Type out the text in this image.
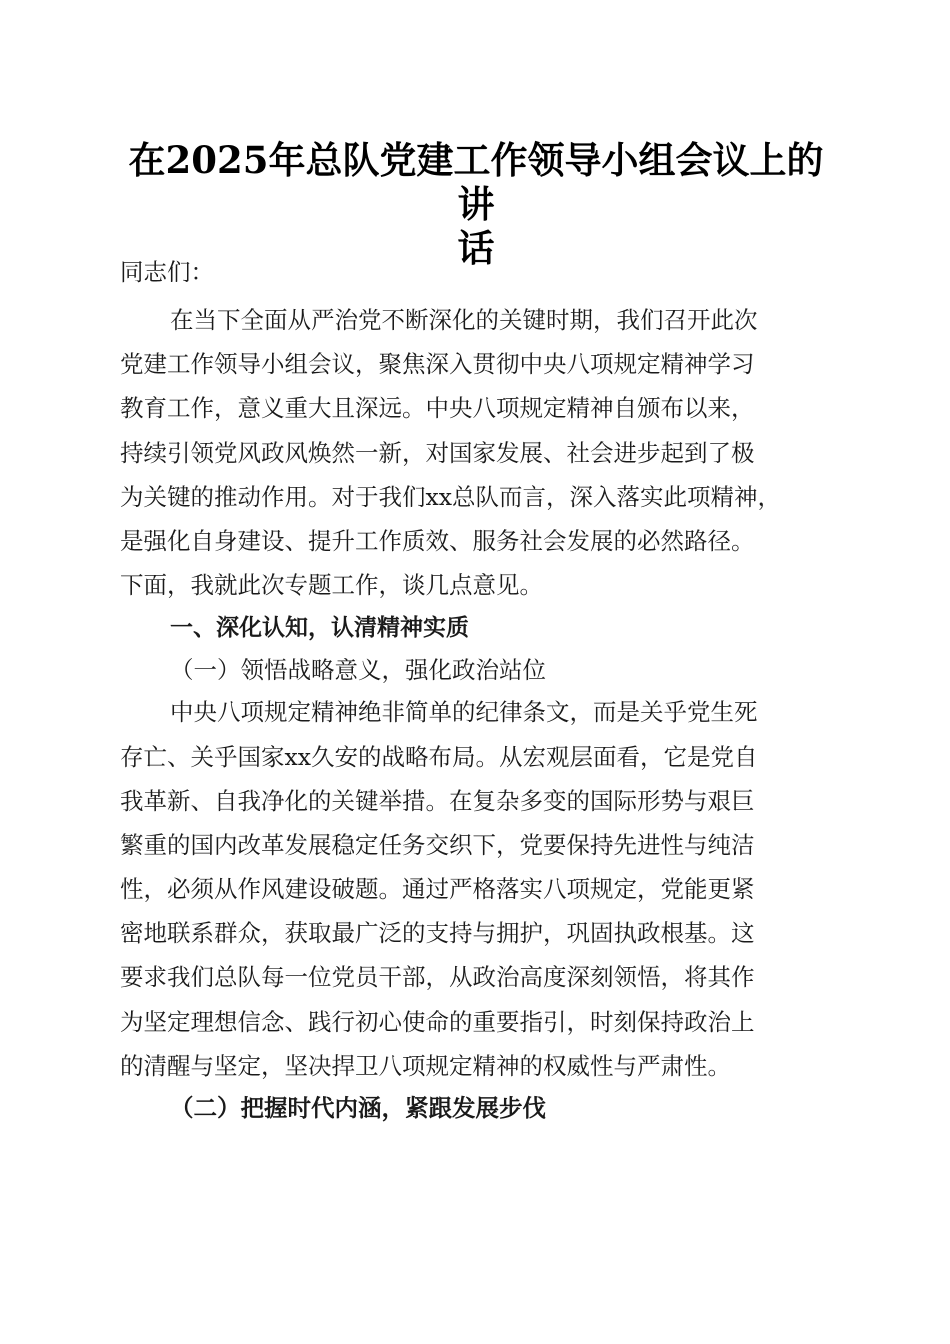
在2025年总队党建工作领导小组会议上的讲
话
同志们：
在当下全面从严治党不断深化的关键时期，我们召开此次
党建工作领导小组会议，聚焦深入贯彻中央八项规定精神学习
教育工作，意义重大且深远。中央八项规定精神自颁布以来，
持续引领党风政风焕然一新，对国家发展、社会进步起到了极
为关键的推动作用。对于我们xx总队而言，深入落实此项精神，
是强化自身建设、提升工作质效、服务社会发展的必然路径。
下面，我就此次专题工作，谈几点意见。
一、深化认知，认清精神实质
（一）领悟战略意义，强化政治站位
中央八项规定精神绝非简单的纪律条文，而是关乎党生死
存亡、关乎国家xx久安的战略布局。从宏观层面看，它是党自
我革新、自我净化的关键举措。在复杂多变的国际形势与艰巨
繁重的国内改革发展稳定任务交织下，党要保持先进性与纯洁
性，必须从作风建设破题。通过严格落实八项规定，党能更紧
密地联系群众，获取最广泛的支持与拥护，巩固执政根基。这
要求我们总队每一位党员干部，从政治高度深刻领悟，将其作
为坚定理想信念、践行初心使命的重要指引，时刻保持政治上
的清醒与坚定，坚决捍卫八项规定精神的权威性与严肃性。
（二）把握时代内涵，紧跟发展步伐
